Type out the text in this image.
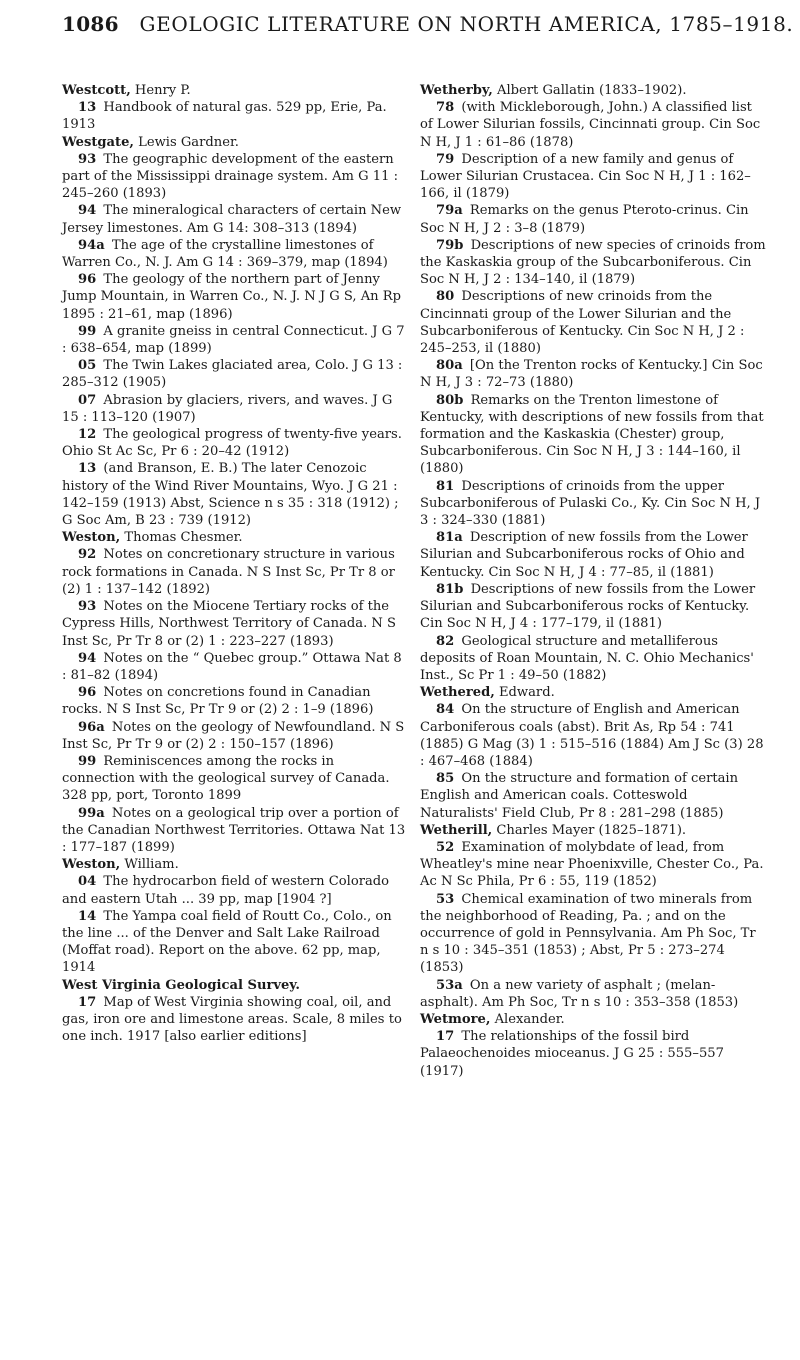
1086 GEOLOGIC LITERATURE ON NORTH AMERICA, 1785–1918.

Westcott, Henry P.

13 Handbook of natural gas. 529 pp, Erie, Pa. 1913

Westgate, Lewis Gardner.

93 The geographic development of the eastern part of the Mississippi drainage system. Am G 11 : 245–260 (1893)

94 The mineralogical characters of certain New Jersey limestones. Am G 14: 308–313 (1894)

94a The age of the crystalline limestones of Warren Co., N. J. Am G 14 : 369–379, map (1894)

96 The geology of the northern part of Jenny Jump Mountain, in Warren Co., N. J. N J G S, An Rp 1895 : 21–61, map (1896)

99 A granite gneiss in central Connecticut. J G 7 : 638–654, map (1899)

05 The Twin Lakes glaciated area, Colo. J G 13 : 285–312 (1905)

07 Abrasion by glaciers, rivers, and waves. J G 15 : 113–120 (1907)

12 The geological progress of twenty-five years. Ohio St Ac Sc, Pr 6 : 20–42 (1912)

13 (and Branson, E. B.) The later Cenozoic history of the Wind River Mountains, Wyo. J G 21 : 142–159 (1913) Abst, Science n s 35 : 318 (1912) ; G Soc Am, B 23 : 739 (1912)

Weston, Thomas Chesmer.

92 Notes on concretionary structure in various rock formations in Canada. N S Inst Sc, Pr Tr 8 or (2) 1 : 137–142 (1892)

93 Notes on the Miocene Tertiary rocks of the Cypress Hills, Northwest Territory of Canada. N S Inst Sc, Pr Tr 8 or (2) 1 : 223–227 (1893)

94 Notes on the “ Quebec group.” Ottawa Nat 8 : 81–82 (1894)

96 Notes on concretions found in Canadian rocks. N S Inst Sc, Pr Tr 9 or (2) 2 : 1–9 (1896)

96a Notes on the geology of Newfoundland. N S Inst Sc, Pr Tr 9 or (2) 2 : 150–157 (1896)

99 Reminiscences among the rocks in connection with the geological survey of Canada. 328 pp, port, Toronto 1899

99a Notes on a geological trip over a portion of the Canadian Northwest Territories. Ottawa Nat 13 : 177–187 (1899)

Weston, William.

04 The hydrocarbon field of western Colorado and eastern Utah ... 39 pp, map [1904 ?]

14 The Yampa coal field of Routt Co., Colo., on the line ... of the Denver and Salt Lake Railroad (Moffat road). Report on the above. 62 pp, map, 1914

West Virginia Geological Survey.

17 Map of West Virginia showing coal, oil, and gas, iron ore and limestone areas. Scale, 8 miles to one inch. 1917 [also earlier editions]

Wetherby, Albert Gallatin (1833–1902).

78 (with Mickleborough, John.) A classified list of Lower Silurian fossils, Cincinnati group. Cin Soc N H, J 1 : 61–86 (1878)

79 Description of a new family and genus of Lower Silurian Crustacea. Cin Soc N H, J 1 : 162–166, il (1879)

79a Remarks on the genus Pteroto-crinus. Cin Soc N H, J 2 : 3–8 (1879)

79b Descriptions of new species of crinoids from the Kaskaskia group of the Subcarboniferous. Cin Soc N H, J 2 : 134–140, il (1879)

80 Descriptions of new crinoids from the Cincinnati group of the Lower Silurian and the Subcarboniferous of Kentucky. Cin Soc N H, J 2 : 245–253, il (1880)

80a [On the Trenton rocks of Kentucky.] Cin Soc N H, J 3 : 72–73 (1880)

80b Remarks on the Trenton limestone of Kentucky, with descriptions of new fossils from that formation and the Kaskaskia (Chester) group, Subcarboniferous. Cin Soc N H, J 3 : 144–160, il (1880)

81 Descriptions of crinoids from the upper Subcarboniferous of Pulaski Co., Ky. Cin Soc N H, J 3 : 324–330 (1881)

81a Description of new fossils from the Lower Silurian and Subcarboniferous rocks of Ohio and Kentucky. Cin Soc N H, J 4 : 77–85, il (1881)

81b Descriptions of new fossils from the Lower Silurian and Subcarboniferous rocks of Kentucky. Cin Soc N H, J 4 : 177–179, il (1881)

82 Geological structure and metalliferous deposits of Roan Mountain, N. C. Ohio Mechanics' Inst., Sc Pr 1 : 49–50 (1882)

Wethered, Edward.

84 On the structure of English and American Carboniferous coals (abst). Brit As, Rp 54 : 741 (1885) G Mag (3) 1 : 515–516 (1884) Am J Sc (3) 28 : 467–468 (1884)

85 On the structure and formation of certain English and American coals. Cotteswold Naturalists' Field Club, Pr 8 : 281–298 (1885)

Wetherill, Charles Mayer (1825–1871).

52 Examination of molybdate of lead, from Wheatley's mine near Phoenixville, Chester Co., Pa. Ac N Sc Phila, Pr 6 : 55, 119 (1852)

53 Chemical examination of two minerals from the neighborhood of Reading, Pa. ; and on the occurrence of gold in Pennsylvania. Am Ph Soc, Tr n s 10 : 345–351 (1853) ; Abst, Pr 5 : 273–274 (1853)

53a On a new variety of asphalt ; (melan-asphalt). Am Ph Soc, Tr n s 10 : 353–358 (1853)

Wetmore, Alexander.

17 The relationships of the fossil bird Palaeochenoides mioceanus. J G 25 : 555–557 (1917)
